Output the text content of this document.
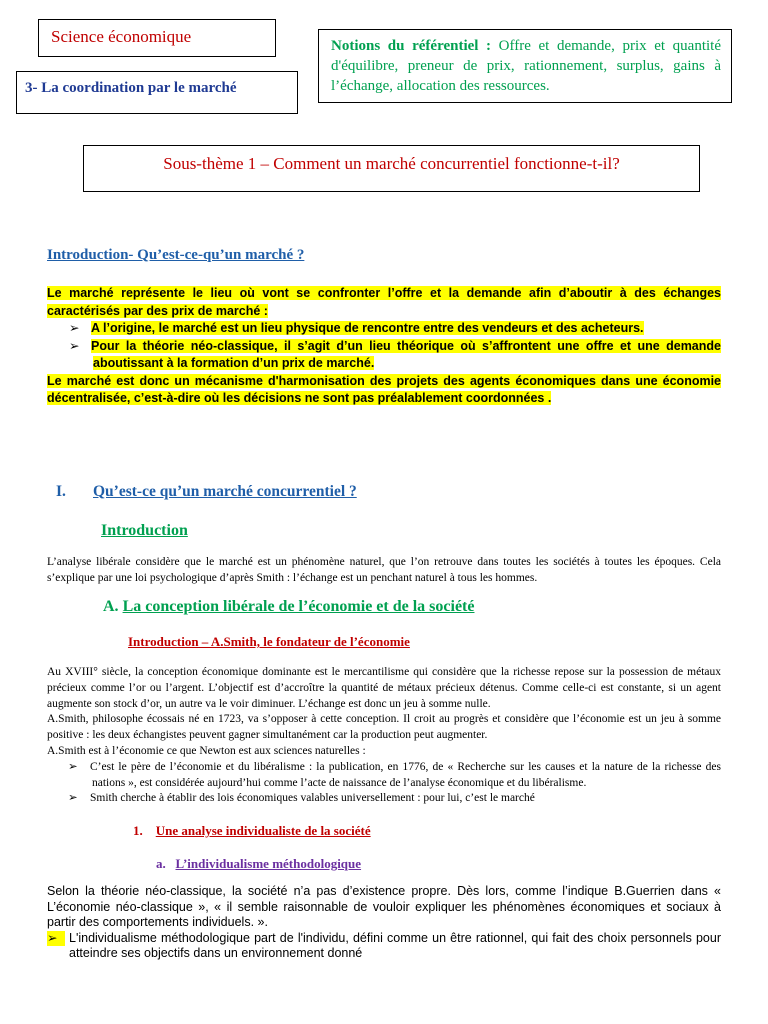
Science économique
3- La coordination par le marché
Notions du référentiel : Offre et demande, prix et quantité d'équilibre, preneur de prix, rationnement, surplus, gains à l’échange, allocation des ressources.
Sous-thème 1 – Comment un marché concurrentiel fonctionne-t-il?
Introduction- Qu’est-ce-qu’un marché ?

Le marché représente le lieu où vont se confronter l’offre et la demande afin d’aboutir à des échanges caractérisés par des prix de marché :

➢ A l’origine, le marché est un lieu physique de rencontre entre des vendeurs et des acheteurs.

➢ Pour la théorie néo-classique, il s’agit d’un lieu théorique où s’affrontent une offre et une demande aboutissant à la formation d’un prix de marché.

Le marché est donc un mécanisme d'harmonisation des projets des agents économiques dans une économie décentralisée, c’est-à-dire où les décisions ne sont pas préalablement coordonnées .

I. Qu’est-ce qu’un marché concurrentiel ?
Introduction
L’analyse libérale considère que le marché est un phénomène naturel, que l’on retrouve dans toutes les sociétés à toutes les époques. Cela s’explique par une loi psychologique d’après Smith : l’échange est un penchant naturel à tous les hommes.
A. La conception libérale de l’économie et de la société
Introduction – A.Smith, le fondateur de l’économie

Au XVIII° siècle, la conception économique dominante est le mercantilisme qui considère que la richesse repose sur la possession de métaux précieux comme l’or ou l’argent. L’objectif est d’accroître la quantité de métaux précieux détenus. Comme celle-ci est constante, si un agent augmente son stock d’or, un autre va le voir diminuer. L’échange est donc un jeu à somme nulle.

A.Smith, philosophe écossais né en 1723, va s’opposer à cette conception. Il croit au progrès et considère que l’économie est un jeu à somme positive : les deux échangistes peuvent gagner simultanément car la production peut augmenter.

A.Smith est à l’économie ce que Newton est aux sciences naturelles :

➢ C’est le père de l’économie et du libéralisme : la publication, en 1776, de « Recherche sur les causes et la nature de la richesse des nations », est considérée aujourd’hui comme l’acte de naissance de l’analyse économique et du libéralisme.

➢ Smith cherche à établir des lois économiques valables universellement : pour lui, c’est le marché

1. Une analyse individualiste de la société
a. L’individualisme méthodologique

Selon la théorie néo-classique, la société n’a pas d’existence propre. Dès lors, comme l’indique B.Guerrien dans « L’économie néo-classique », « il semble raisonnable de vouloir expliquer les phénomènes économiques et sociaux à partir des comportements individuels. ».

➢ L'individualisme méthodologique part de l'individu, défini comme un être rationnel, qui fait des choix personnels pour atteindre ses objectifs dans un environnement donné
